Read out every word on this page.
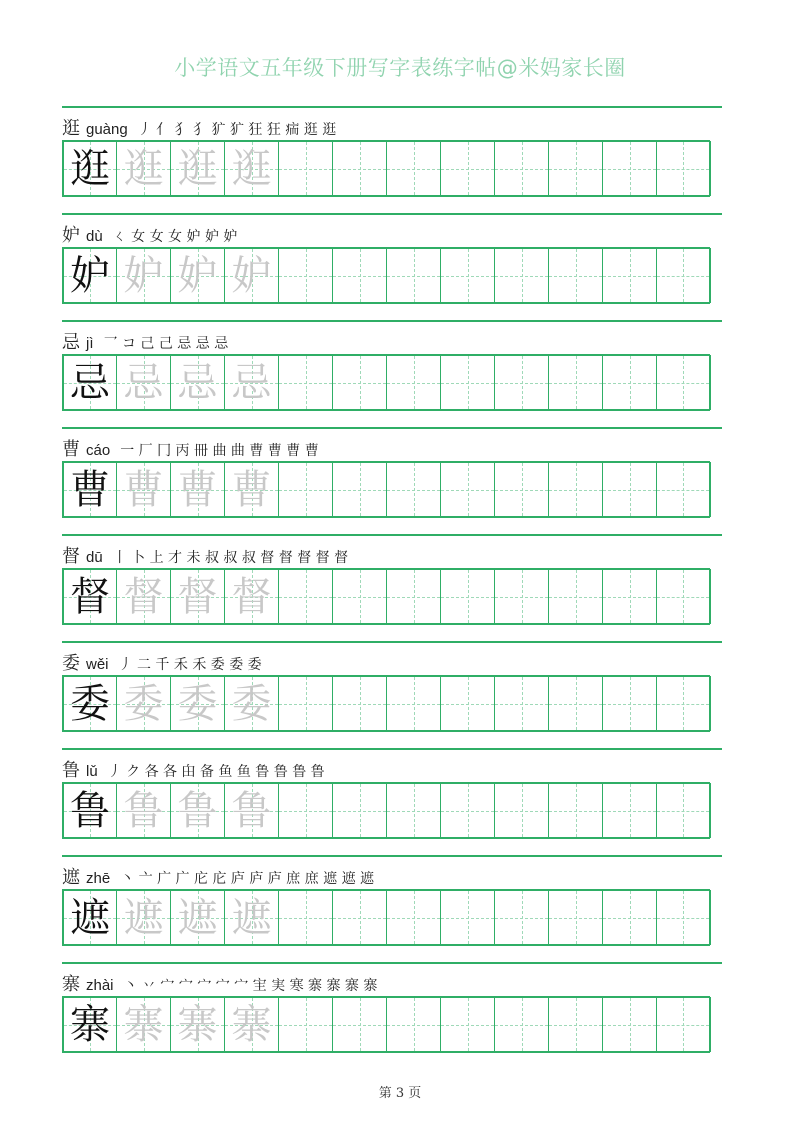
小学语文五年级下册写字表练字帖@米妈家长圈
逛 guàng 丿 亻 犭 犭 犷 犷 狂 狂 㾍 逛 逛
逛 逛 逛 逛
妒 dù ㄑ 女 女 女 妒 妒 妒
妒 妒 妒 妒
忌 jì 乛 コ 己 己 忌 忌 忌
忌 忌 忌 忌
曹 cáo 一 厂 冂 丙 冊 曲 曲 曹 曹 曹 曹
曹 曹 曹 曹
督 dū 丨 卜 上 才 未 叔 叔 叔 督 督 督 督 督
督 督 督 督
委 wěi 丿 二 千 禾 禾 委 委 委
委 委 委 委
鲁 lǔ 丿 ク 各 各 甶 备 鱼 鱼 鲁 鲁 鲁 鲁
鲁 鲁 鲁 鲁
遮 zhē 丶 亠 广 广 庀 庀 庐 庐 庐 庶 庶 遮 遮 遮
遮 遮 遮 遮
寨 zhài 丶 丷 宀 宀 宀 宀 宀 宔 実 寒 寨 寨 寨 寨
寨 寨 寨 寨
第 3 页
